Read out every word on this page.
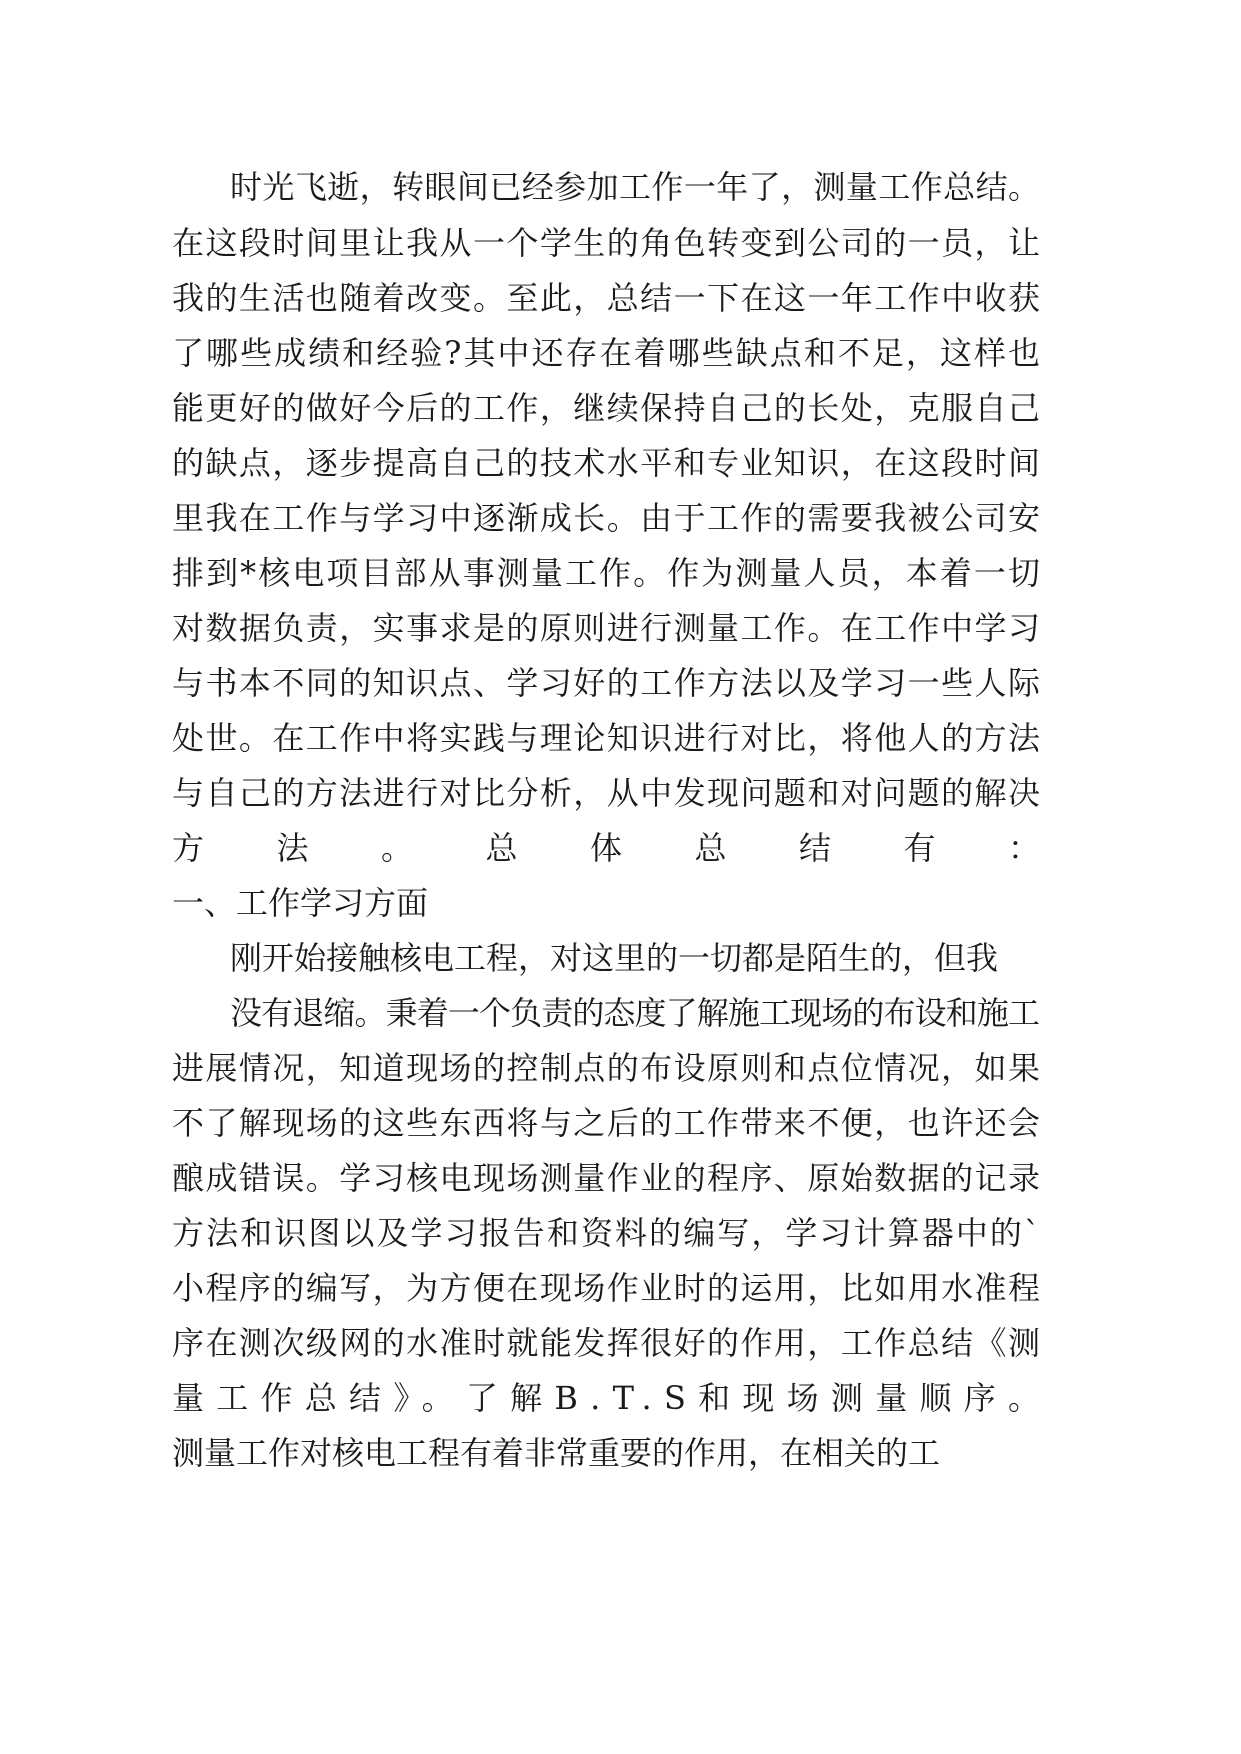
时光飞逝，转眼间已经参加工作一年了，测量工作总结。

在这段时间里让我从一个学生的角色转变到公司的一员，让

我的生活也随着改变。至此，总结一下在这一年工作中收获

了哪些成绩和经验?其中还存在着哪些缺点和不足，这样也

能更好的做好今后的工作，继续保持自己的长处，克服自己

的缺点，逐步提高自己的技术水平和专业知识，在这段时间

里我在工作与学习中逐渐成长。由于工作的需要我被公司安

排到*核电项目部从事测量工作。作为测量人员，本着一切

对数据负责，实事求是的原则进行测量工作。在工作中学习

与书本不同的知识点、学习好的工作方法以及学习一些人际

处世。在工作中将实践与理论知识进行对比，将他人的方法

与自己的方法进行对比分析，从中发现问题和对问题的解决

方法。总体总结有：

一、工作学习方面

刚开始接触核电工程，对这里的一切都是陌生的，但我

没有退缩。秉着一个负责的态度了解施工现场的布设和施工

进展情况，知道现场的控制点的布设原则和点位情况，如果

不了解现场的这些东西将与之后的工作带来不便，也许还会

酿成错误。学习核电现场测量作业的程序、原始数据的记录

方法和识图以及学习报告和资料的编写，学习计算器中的`

小程序的编写，为方便在现场作业时的运用，比如用水准程

序在测次级网的水准时就能发挥很好的作用，工作总结《测

量工作总结》。了解B.T.S和现场测量顺序。

测量工作对核电工程有着非常重要的作用，在相关的工
